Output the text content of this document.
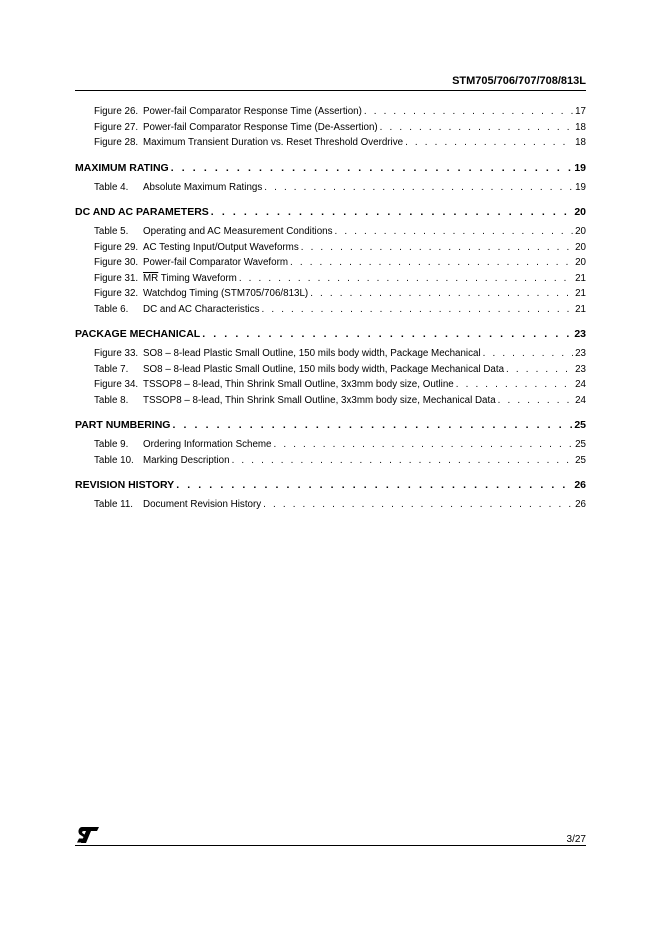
STM705/706/707/708/813L
Figure 26. Power-fail Comparator Response Time (Assertion) . . .	17
Figure 27. Power-fail Comparator Response Time (De-Assertion) . . .	18
Figure 28. Maximum Transient Duration vs. Reset Threshold Overdrive . . .	18
MAXIMUM RATING . . .	19
Table 4.	Absolute Maximum Ratings . . .	19
DC AND AC PARAMETERS . . .	20
Table 5.	Operating and AC Measurement Conditions . . .	20
Figure 29. AC Testing Input/Output Waveforms . . .	20
Figure 30. Power-fail Comparator Waveform . . .	20
Figure 31. $\overline{MR}$ Timing Waveform . . .	21
Figure 32. Watchdog Timing (STM705/706/813L) . . .	21
Table 6.	DC and AC Characteristics . . .	21
PACKAGE MECHANICAL . . .	23
Figure 33. SO8 – 8-lead Plastic Small Outline, 150 mils body width, Package Mechanical . . .	23
Table 7.	SO8 – 8-lead Plastic Small Outline, 150 mils body width, Package Mechanical Data . . .	23
Figure 34. TSSOP8 – 8-lead, Thin Shrink Small Outline, 3x3mm body size, Outline . . .	24
Table 8.	TSSOP8 – 8-lead, Thin Shrink Small Outline, 3x3mm body size, Mechanical Data . . .	24
PART NUMBERING . . .	25
Table 9.	Ordering Information Scheme . . .	25
Table 10. Marking Description . . .	25
REVISION HISTORY . . .	26
Table 11.	Document Revision History . . .	26
3/27
